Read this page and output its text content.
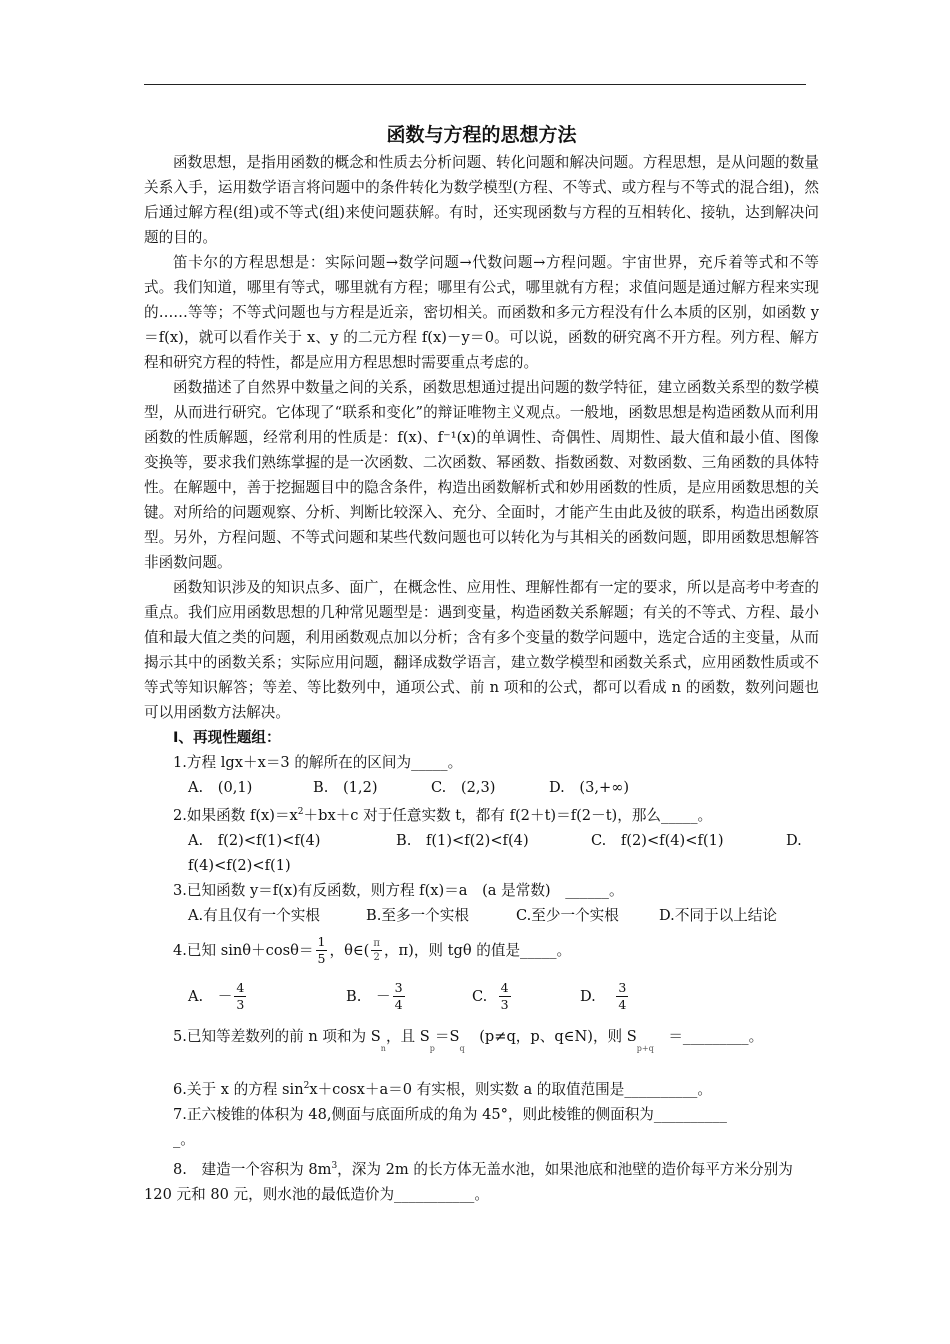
函数与方程的思想方法

函数思想，是指用函数的概念和性质去分析问题、转化问题和解决问题。方程思想，是从问题的数量关系入手，运用数学语言将问题中的条件转化为数学模型(方程、不等式、或方程与不等式的混合组)，然后通过解方程(组)或不等式(组)来使问题获解。有时，还实现函数与方程的互相转化、接轨，达到解决问题的目的。

笛卡尔的方程思想是：实际问题→数学问题→代数问题→方程问题。宇宙世界，充斥着等式和不等式。我们知道，哪里有等式，哪里就有方程；哪里有公式，哪里就有方程；求值问题是通过解方程来实现的……等等；不等式问题也与方程是近亲，密切相关。而函数和多元方程没有什么本质的区别，如函数 y＝f(x)，就可以看作关于 x、y 的二元方程 f(x)－y＝0。可以说，函数的研究离不开方程。列方程、解方程和研究方程的特性，都是应用方程思想时需要重点考虑的。

函数描述了自然界中数量之间的关系，函数思想通过提出问题的数学特征，建立函数关系型的数学模型，从而进行研究。它体现了“联系和变化”的辩证唯物主义观点。一般地，函数思想是构造函数从而利用函数的性质解题，经常利用的性质是：f(x)、f⁻¹(x)的单调性、奇偶性、周期性、最大值和最小值、图像变换等，要求我们熟练掌握的是一次函数、二次函数、幂函数、指数函数、对数函数、三角函数的具体特性。在解题中，善于挖掘题目中的隐含条件，构造出函数解析式和妙用函数的性质，是应用函数思想的关键。对所给的问题观察、分析、判断比较深入、充分、全面时，才能产生由此及彼的联系，构造出函数原型。另外，方程问题、不等式问题和某些代数问题也可以转化为与其相关的函数问题，即用函数思想解答非函数问题。

函数知识涉及的知识点多、面广，在概念性、应用性、理解性都有一定的要求，所以是高考中考查的重点。我们应用函数思想的几种常见题型是：遇到变量，构造函数关系解题；有关的不等式、方程、最小值和最大值之类的问题，利用函数观点加以分析；含有多个变量的数学问题中，选定合适的主变量，从而揭示其中的函数关系；实际应用问题，翻译成数学语言，建立数学模型和函数关系式，应用函数性质或不等式等知识解答；等差、等比数列中，通项公式、前 n 项和的公式，都可以看成 n 的函数，数列问题也可以用函数方法解决。

Ⅰ、再现性题组：
1.方程 lgx＋x＝3 的解所在的区间为_____。
A.　(0,1)	B.　(1,2)	C.　(2,3)	D.　(3,+∞)
2.如果函数 $f(x)=x^2+bx+c$ 对于任意实数 t，都有 f(2＋t)＝f(2－t)，那么_____。
A.　f(2)<f(1)<f(4)	B.　f(1)<f(2)<f(4)	C.　f(2)<f(4)<f(1)	D.
f(4)<f(2)<f(1)
3.已知函数 y＝f(x)有反函数，则方程 f(x)＝a　(a 是常数)　______。
A.有且仅有一个实根	B.至多一个实根	C.至少一个实根	D.不同于以上结论
4.已知 $\sin\theta+\cos\theta= \frac{1}{5}$ ，θ∈( $\frac{\pi}{2}$ ，π)，则 tgθ 的值是_____。
A.　－ $\frac{4}{3}$	B.　－ $\frac{3}{4}$	C. $\frac{4}{3}$	D. $\frac{3}{4}$
5.已知等差数列的前 n 项和为 $S_n$，且 $S_p=S_q$　(p≠q，p、q∈N)，则 $S_{p+q}$　＝_________。
6.关于 x 的方程 $\sin^2x+\cos x+a=0$ 有实根，则实数 a 的取值范围是__________。
7.正六棱锥的体积为 48,侧面与底面所成的角为 45°，则此棱锥的侧面积为__________
_。
8.　建造一个容积为 $8m^3$，深为 2m 的长方体无盖水池，如果池底和池壁的造价每平方米分别为 120 元和 80 元，则水池的最低造价为___________。
